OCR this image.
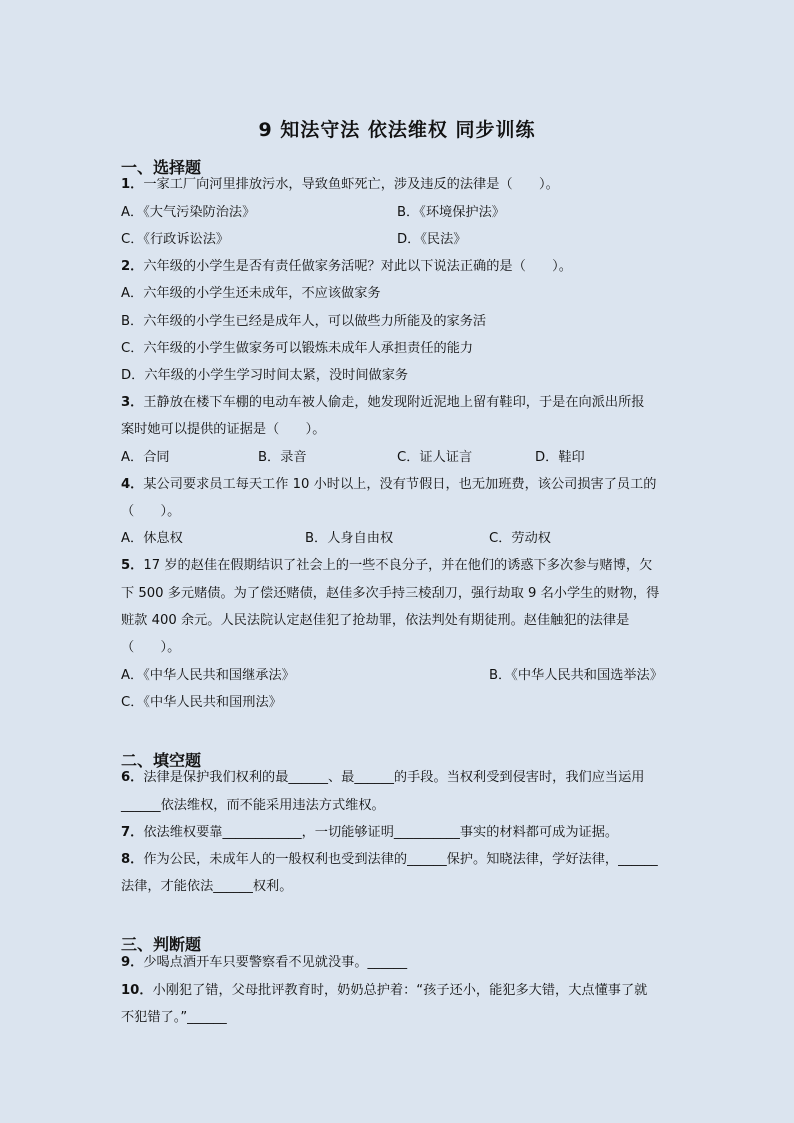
9 知法守法 依法维权 同步训练
一、选择题
1．一家工厂向河里排放污水，导致鱼虾死亡，涉及违反的法律是（　　）。
A．《大气污染防治法》	B．《环境保护法》
C．《行政诉讼法》	D．《民法》
2．六年级的小学生是否有责任做家务活呢？对此以下说法正确的是（　　）。
A．六年级的小学生还未成年，不应该做家务
B．六年级的小学生已经是成年人，可以做些力所能及的家务活
C．六年级的小学生做家务可以锻炼未成年人承担责任的能力
D．六年级的小学生学习时间太紧，没时间做家务
3．王静放在楼下车棚的电动车被人偷走，她发现附近泥地上留有鞋印，于是在向派出所报
案时她可以提供的证据是（　　）。
A．合同	B．录音	C．证人证言	D．鞋印
4．某公司要求员工每天工作 10 小时以上，没有节假日，也无加班费，该公司损害了员工的
（　　）。
A．休息权	B．人身自由权	C．劳动权
5．17 岁的赵佳在假期结识了社会上的一些不良分子，并在他们的诱惑下多次参与赌博，欠
下 500 多元赌债。为了偿还赌债，赵佳多次手持三棱刮刀，强行劫取 9 名小学生的财物，得
赃款 400 余元。人民法院认定赵佳犯了抢劫罪，依法判处有期徒刑。赵佳触犯的法律是
（　　）。
A．《中华人民共和国继承法》	B．《中华人民共和国选举法》
C．《中华人民共和国刑法》
二、填空题
6．法律是保护我们权利的最______、最______的手段。当权利受到侵害时，我们应当运用
______依法维权，而不能采用违法方式维权。
7．依法维权要靠____________，一切能够证明__________事实的材料都可成为证据。
8．作为公民，未成年人的一般权利也受到法律的______保护。知晓法律，学好法律，______
法律，才能依法______权利。
三、判断题
9．少喝点酒开车只要警察看不见就没事。______
10．小刚犯了错，父母批评教育时，奶奶总护着：“孩子还小，能犯多大错，大点懂事了就
不犯错了。”______
